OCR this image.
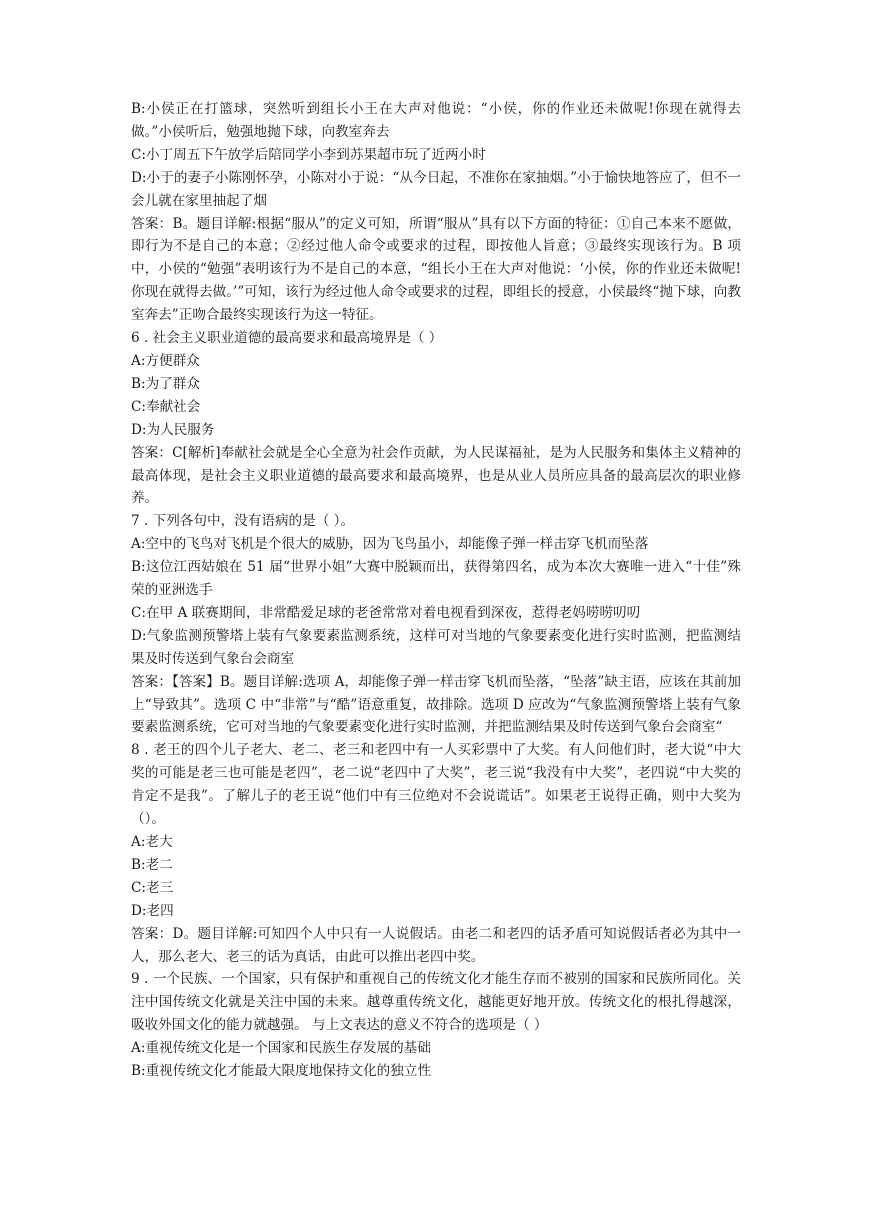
B:小侯正在打篮球，突然听到组长小王在大声对他说：“小侯，你的作业还未做呢!你现在就得去做。”小侯听后，勉强地抛下球，向教室奔去
C:小丁周五下午放学后陪同学小李到苏果超市玩了近两小时
D:小于的妻子小陈刚怀孕，小陈对小于说：“从今日起，不准你在家抽烟。”小于愉快地答应了，但不一会儿就在家里抽起了烟
答案：B。题目详解:根据“服从”的定义可知，所谓“服从”具有以下方面的特征：①自己本来不愿做，即行为不是自己的本意；②经过他人命令或要求的过程，即按他人旨意；③最终实现该行为。B 项中，小侯的“勉强”表明该行为不是自己的本意，“组长小王在大声对他说：‘小侯，你的作业还未做呢!你现在就得去做。’”可知，该行为经过他人命令或要求的过程，即组长的授意，小侯最终“抛下球，向教室奔去”正吻合最终实现该行为这一特征。
6 . 社会主义职业道德的最高要求和最高境界是（ ）
A:方便群众
B:为了群众
C:奉献社会
D:为人民服务
答案：C[解析]奉献社会就是全心全意为社会作贡献，为人民谋福祉，是为人民服务和集体主义精神的最高体现，是社会主义职业道德的最高要求和最高境界，也是从业人员所应具备的最高层次的职业修养。
7 . 下列各句中，没有语病的是（ ）。
A:空中的飞鸟对飞机是个很大的威胁，因为飞鸟虽小，却能像子弹一样击穿飞机而坠落
B:这位江西姑娘在 51 届“世界小姐”大赛中脱颖而出，获得第四名，成为本次大赛唯一进入“十佳”殊荣的亚洲选手
C:在甲 A 联赛期间，非常酷爱足球的老爸常常对着电视看到深夜，惹得老妈唠唠叨叨
D:气象监测预警塔上装有气象要素监测系统，这样可对当地的气象要素变化进行实时监测，把监测结果及时传送到气象台会商室
答案：【答案】B。题目详解:选项 A，却能像子弹一样击穿飞机而坠落，“坠落”缺主语，应该在其前加上“导致其”。选项 C 中“非常”与“酷”语意重复，故排除。选项 D 应改为“气象监测预警塔上装有气象要素监测系统，它可对当地的气象要素变化进行实时监测，并把监测结果及时传送到气象台会商室“
8 . 老王的四个儿子老大、老二、老三和老四中有一人买彩票中了大奖。有人问他们时，老大说“中大奖的可能是老三也可能是老四”，老二说“老四中了大奖”，老三说“我没有中大奖”，老四说“中大奖的肯定不是我”。了解儿子的老王说“他们中有三位绝对不会说谎话”。如果老王说得正确，则中大奖为（）。
A:老大
B:老二
C:老三
D:老四
答案：D。题目详解:可知四个人中只有一人说假话。由老二和老四的话矛盾可知说假话者必为其中一人，那么老大、老三的话为真话，由此可以推出老四中奖。
9 . 一个民族、一个国家，只有保护和重视自己的传统文化才能生存而不被别的国家和民族所同化。关注中国传统文化就是关注中国的未来。越尊重传统文化，越能更好地开放。传统文化的根扎得越深，吸收外国文化的能力就越强。 与上文表达的意义不符合的选项是（ ）
A:重视传统文化是一个国家和民族生存发展的基础
B:重视传统文化才能最大限度地保持文化的独立性
